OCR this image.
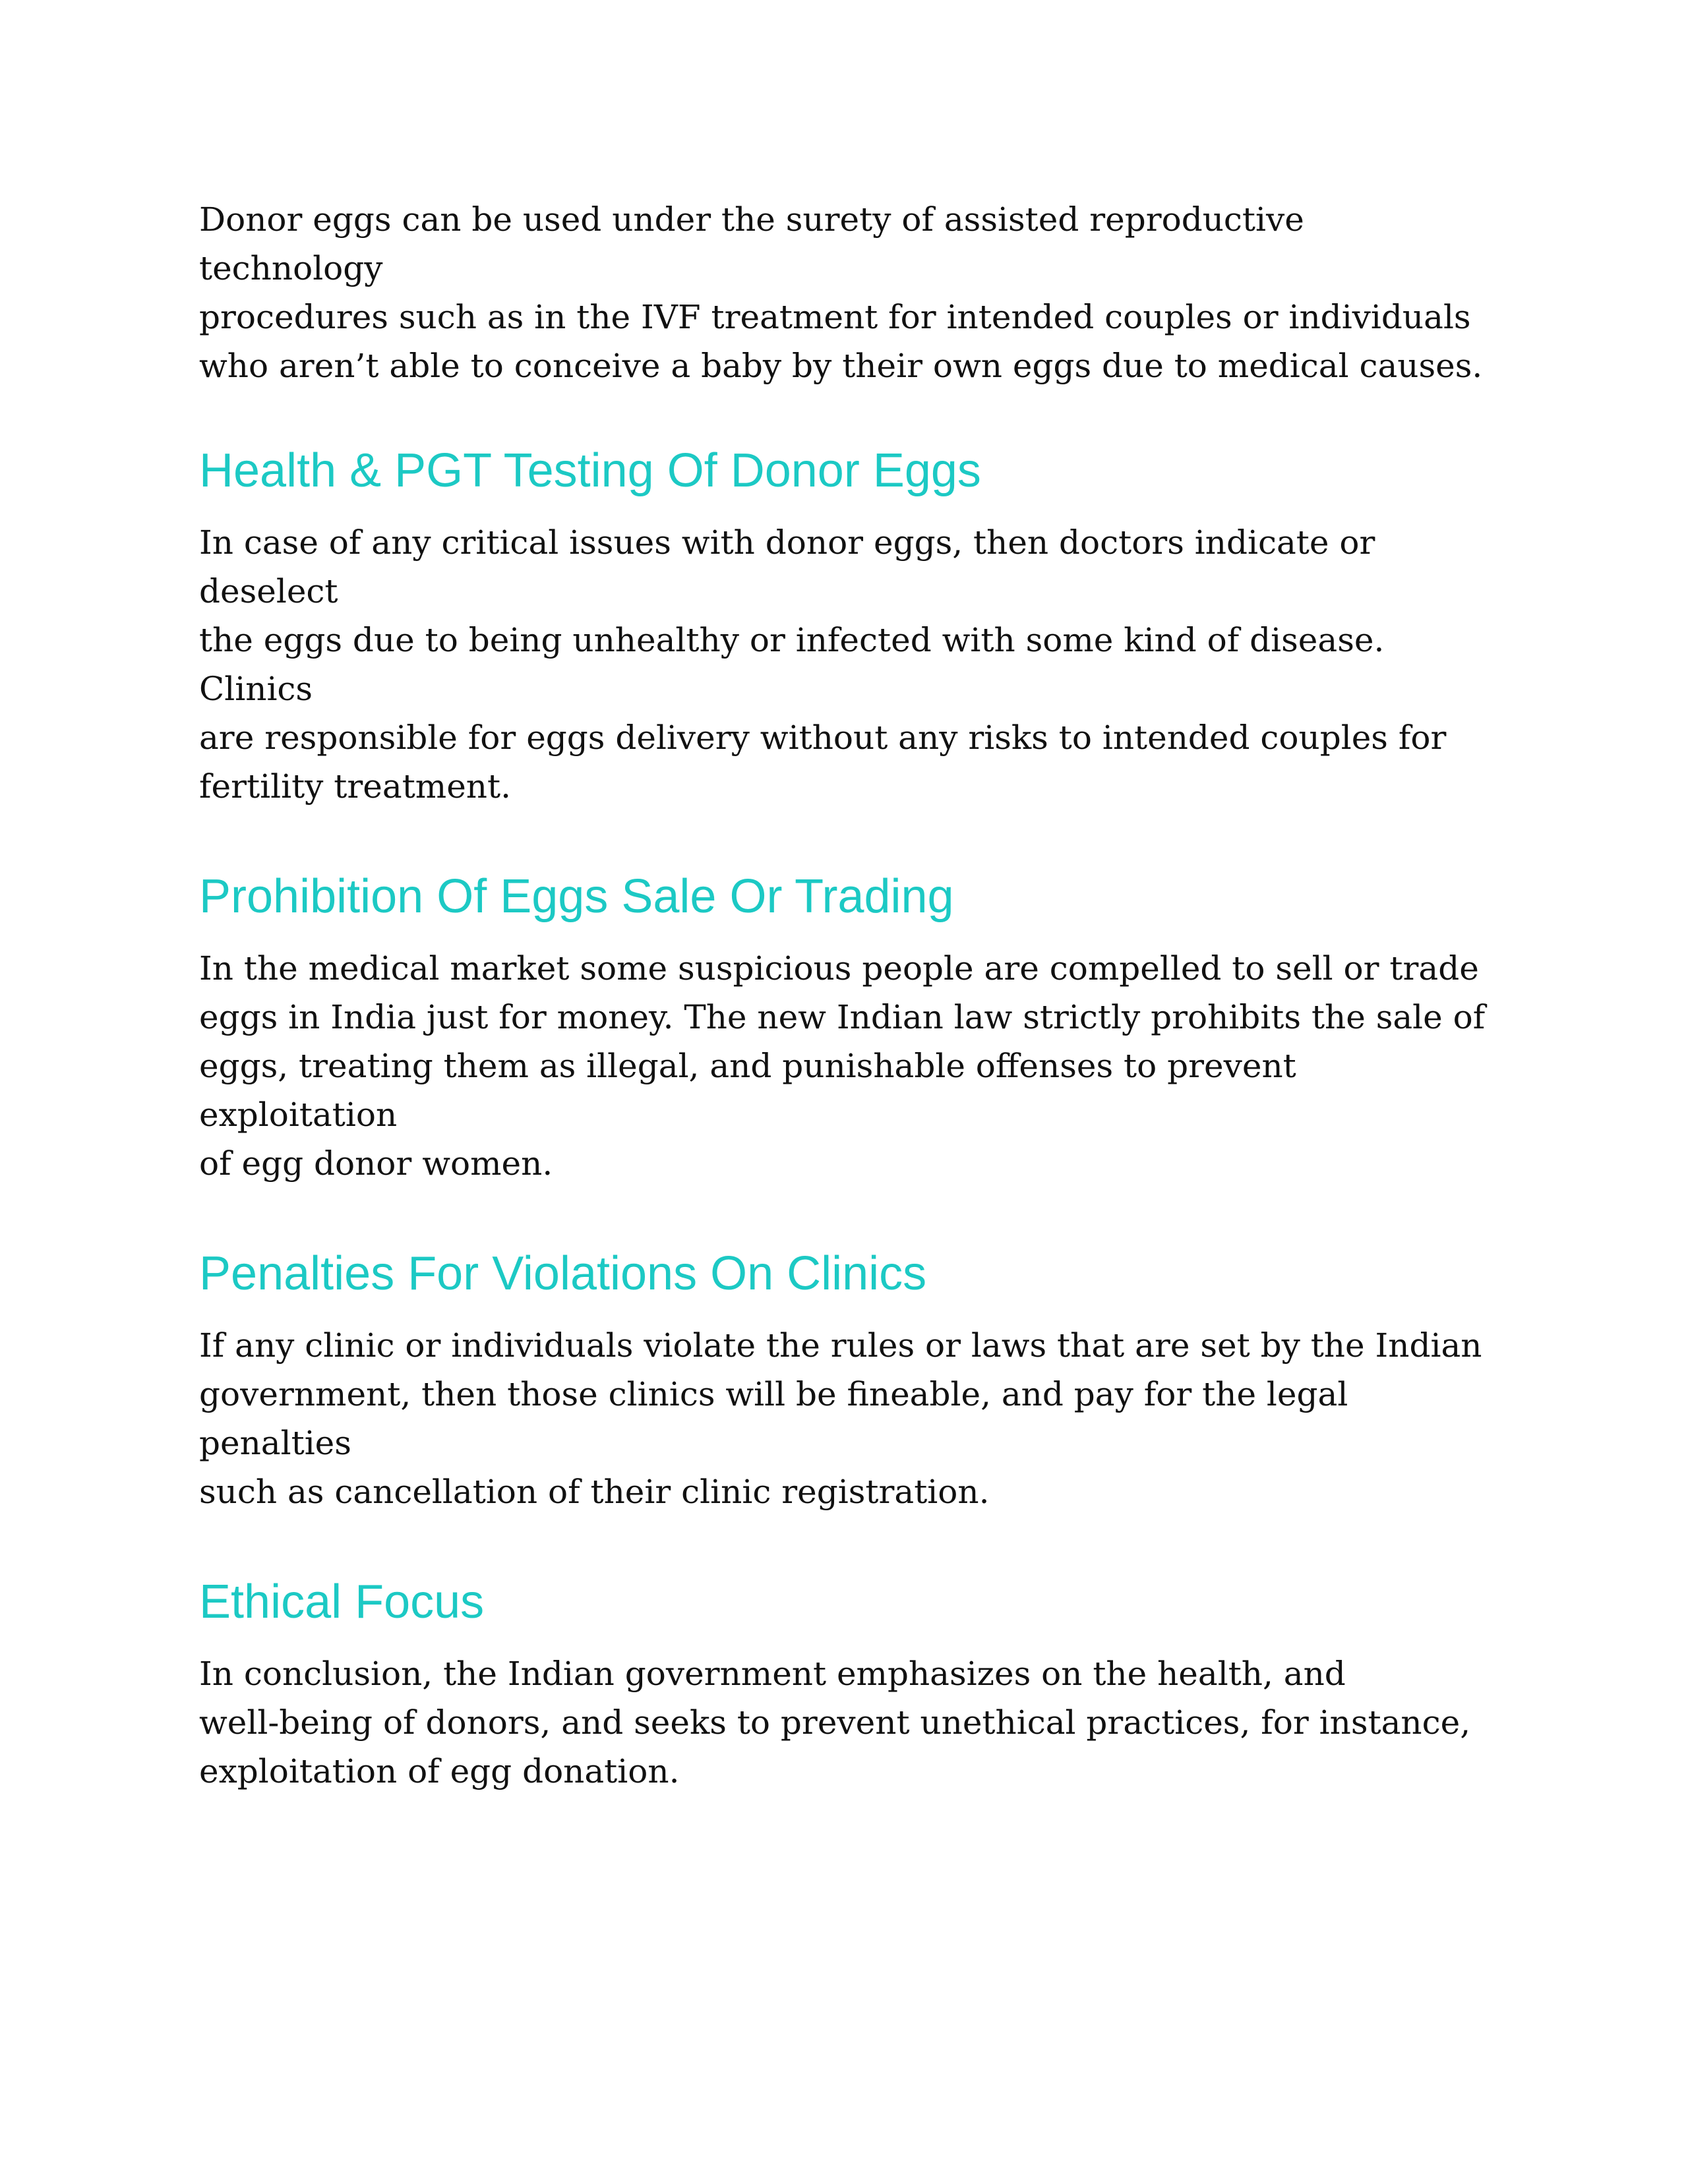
Donor eggs can be used under the surety of assisted reproductive technology
procedures such as in the IVF treatment for intended couples or individuals
who aren’t able to conceive a baby by their own eggs due to medical causes.

Health & PGT Testing Of Donor Eggs

In case of any critical issues with donor eggs, then doctors indicate or deselect
the eggs due to being unhealthy or infected with some kind of disease. Clinics
are responsible for eggs delivery without any risks to intended couples for
fertility treatment.

Prohibition Of Eggs Sale Or Trading

In the medical market some suspicious people are compelled to sell or trade
eggs in India just for money. The new Indian law strictly prohibits the sale of
eggs, treating them as illegal, and punishable offenses to prevent exploitation
of egg donor women.

Penalties For Violations On Clinics

If any clinic or individuals violate the rules or laws that are set by the Indian
government, then those clinics will be fineable, and pay for the legal penalties
such as cancellation of their clinic registration.

Ethical Focus

In conclusion, the Indian government emphasizes on the health, and
well-being of donors, and seeks to prevent unethical practices, for instance,
exploitation of egg donation.
